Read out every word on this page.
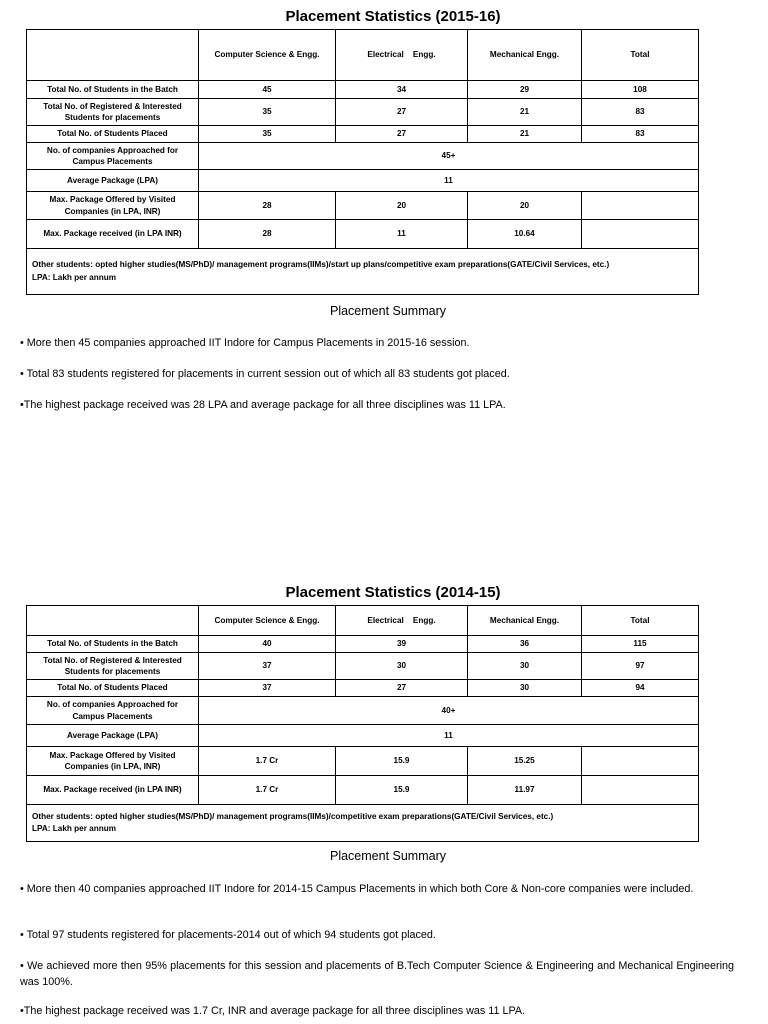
Placement Statistics (2015-16)
	Computer Science & Engg.	Electrical    Engg.	Mechanical Engg.	Total
Total No. of Students in the Batch	45	34	29	108
Total No. of Registered & Interested Students for placements	35	27	21	83
Total No. of Students Placed	35	27	21	83
No. of companies Approached for Campus Placements	45+			
Average Package (LPA)	11			
Max. Package Offered by Visited Companies (in LPA, INR)	28	20	20	
Max. Package received (in LPA INR)	28	11	10.64	

Other students: opted higher studies(MS/PhD)/ management programs(IIMs)/start up plans/competitive exam preparations(GATE/Civil Services, etc.)
LPA: Lakh per annum				
Placement Summary
• More then 45 companies approached IIT Indore for Campus Placements in 2015-16 session.
• Total 83 students registered for placements in current session out of which all 83 students got placed.
•The highest package received was 28 LPA and average package for all three disciplines was 11 LPA.
Placement Statistics (2014-15)
	Computer Science & Engg.	Electrical    Engg.	Mechanical Engg.	Total
Total No. of Students in the Batch	40	39	36	115
Total No. of Registered & Interested Students for placements	37	30	30	97
Total No. of Students Placed	37	27	30	94
No. of companies Approached for Campus Placements	40+			
Average Package (LPA)	11			
Max. Package Offered by Visited Companies (in LPA, INR)	1.7 Cr	15.9	15.25	
Max. Package received (in LPA INR)	1.7 Cr	15.9	11.97	

Other students: opted higher studies(MS/PhD)/ management programs(IIMs)/competitive exam preparations(GATE/Civil Services, etc.)
LPA: Lakh per annum				
Placement Summary
• More then 40 companies approached IIT Indore for 2014-15 Campus Placements in which both Core & Non-core companies were included.
• Total 97 students registered for placements-2014 out of which 94 students got placed.
• We achieved more then 95% placements for this session and placements of B.Tech Computer Science & Engineering and Mechanical Engineering was 100%.
•The highest package received was 1.7 Cr, INR and average package for all three disciplines was 11 LPA.
